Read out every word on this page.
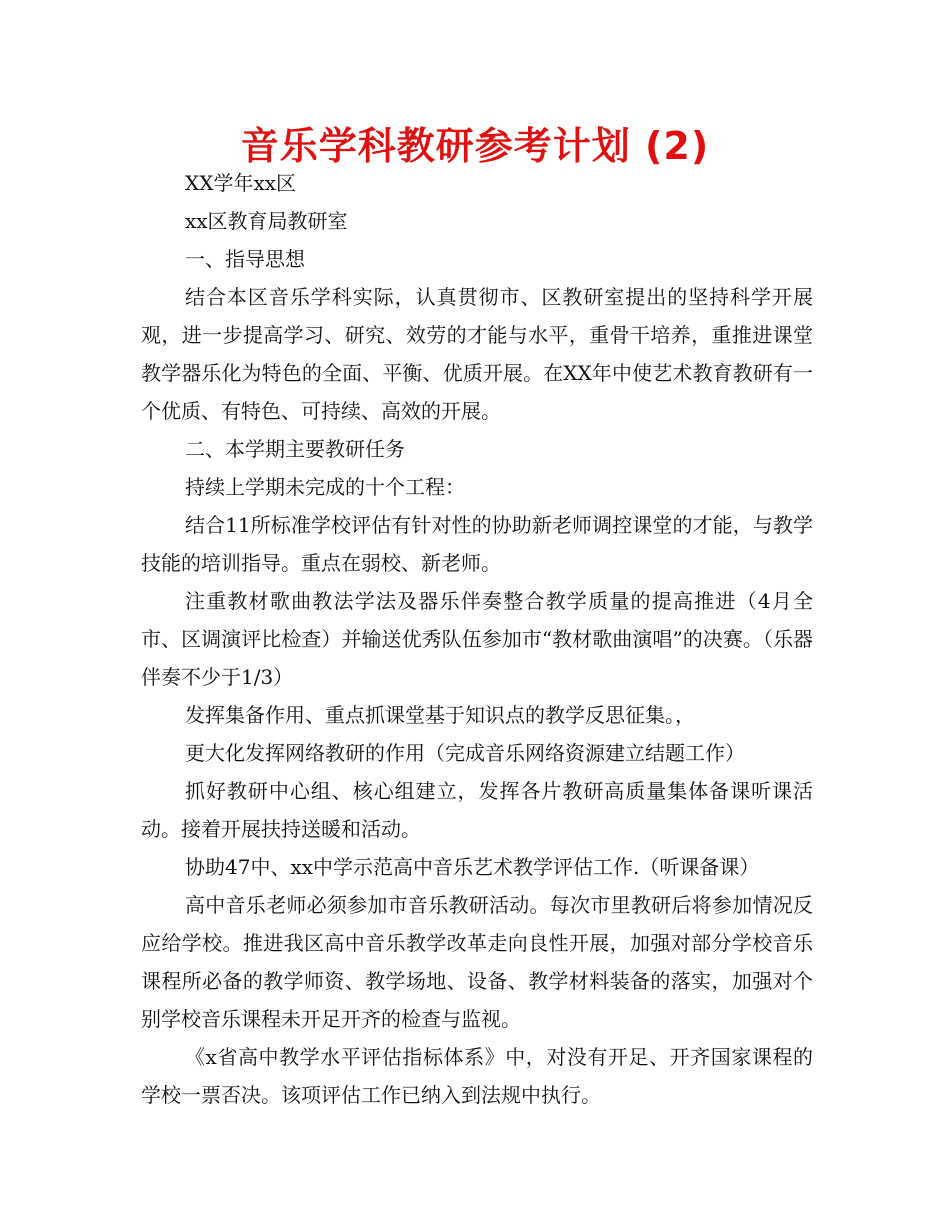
音乐学科教研参考计划 (2)

XX学年xx区

xx区教育局教研室

一、指导思想

结合本区音乐学科实际，认真贯彻市、区教研室提出的坚持科学开展观，进一步提高学习、研究、效劳的才能与水平，重骨干培养，重推进课堂教学器乐化为特色的全面、平衡、优质开展。在XX年中使艺术教育教研有一个优质、有特色、可持续、高效的开展。

二、本学期主要教研任务

持续上学期未完成的十个工程：

结合11所标准学校评估有针对性的协助新老师调控课堂的才能，与教学技能的培训指导。重点在弱校、新老师。

注重教材歌曲教法学法及器乐伴奏整合教学质量的提高推进（4月全市、区调演评比检查）并输送优秀队伍参加市“教材歌曲演唱”的决赛。（乐器伴奏不少于1/3）

发挥集备作用、重点抓课堂基于知识点的教学反思征集。，

更大化发挥网络教研的作用（完成音乐网络资源建立结题工作）

抓好教研中心组、核心组建立，发挥各片教研高质量集体备课听课活动。接着开展扶持送暖和活动。

协助47中、xx中学示范高中音乐艺术教学评估工作.（听课备课）

高中音乐老师必须参加市音乐教研活动。每次市里教研后将参加情况反应给学校。推进我区高中音乐教学改革走向良性开展，加强对部分学校音乐课程所必备的教学师资、教学场地、设备、教学材料装备的落实，加强对个别学校音乐课程未开足开齐的检查与监视。

《x省高中教学水平评估指标体系》中，对没有开足、开齐国家课程的学校一票否决。该项评估工作已纳入到法规中执行。
